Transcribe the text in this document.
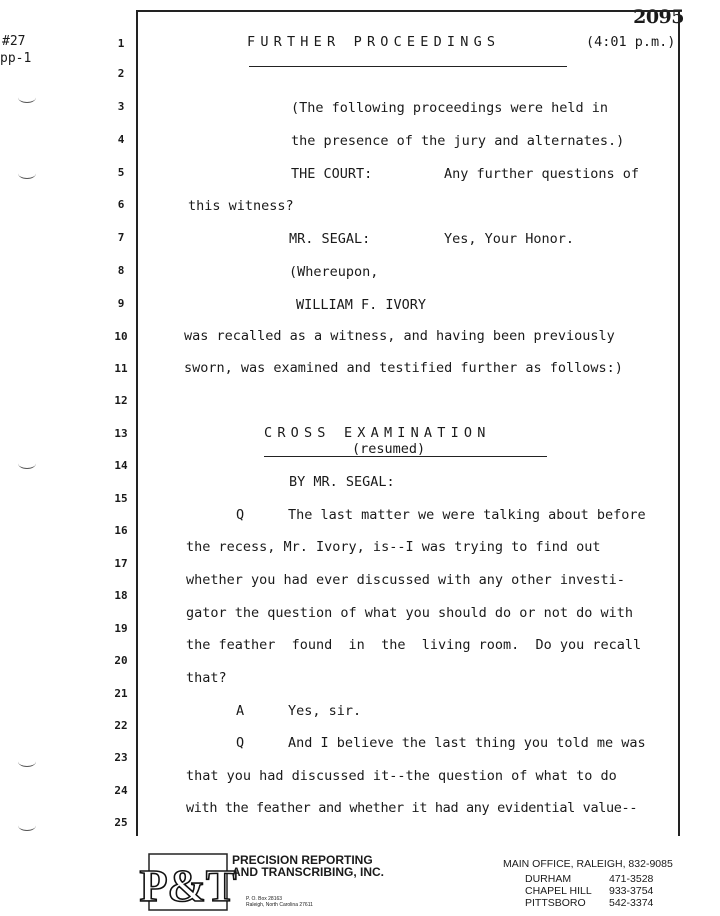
#27
pp-1
2095
1
2
3
4
5
6
7
8
9
10
11
12
13
14
15
16
17
18
19
20
21
22
23
24
25
FURTHER PROCEEDINGS	(4:01 p.m.)
(The following proceedings were held in
the presence of the jury and alternates.)
THE COURT:	Any further questions of
this witness?
MR. SEGAL:	Yes, Your Honor.
(Whereupon,
WILLIAM F. IVORY
was recalled as a witness, and having been previously
sworn, was examined and testified further as follows:)
CROSS EXAMINATION
(resumed)
BY MR. SEGAL:
Q	The last matter we were talking about before
the recess, Mr. Ivory, is--I was trying to find out
whether you had ever discussed with any other investi-
gator the question of what you should do or not do with
the feather  found  in  the  living room.  Do you recall
that?
A	Yes, sir.
Q	And I believe the last thing you told me was
that you had discussed it--the question of what to do
with the feather and whether it had any evidential value--
P&T
PRECISION REPORTING
AND TRANSCRIBING, INC.
P. O. Box 28163
Raleigh, North Carolina 27611
MAIN OFFICE, RALEIGH, 832-9085
DURHAM	471-3528
CHAPEL HILL 933-3754
PITTSBORO 542-3374
